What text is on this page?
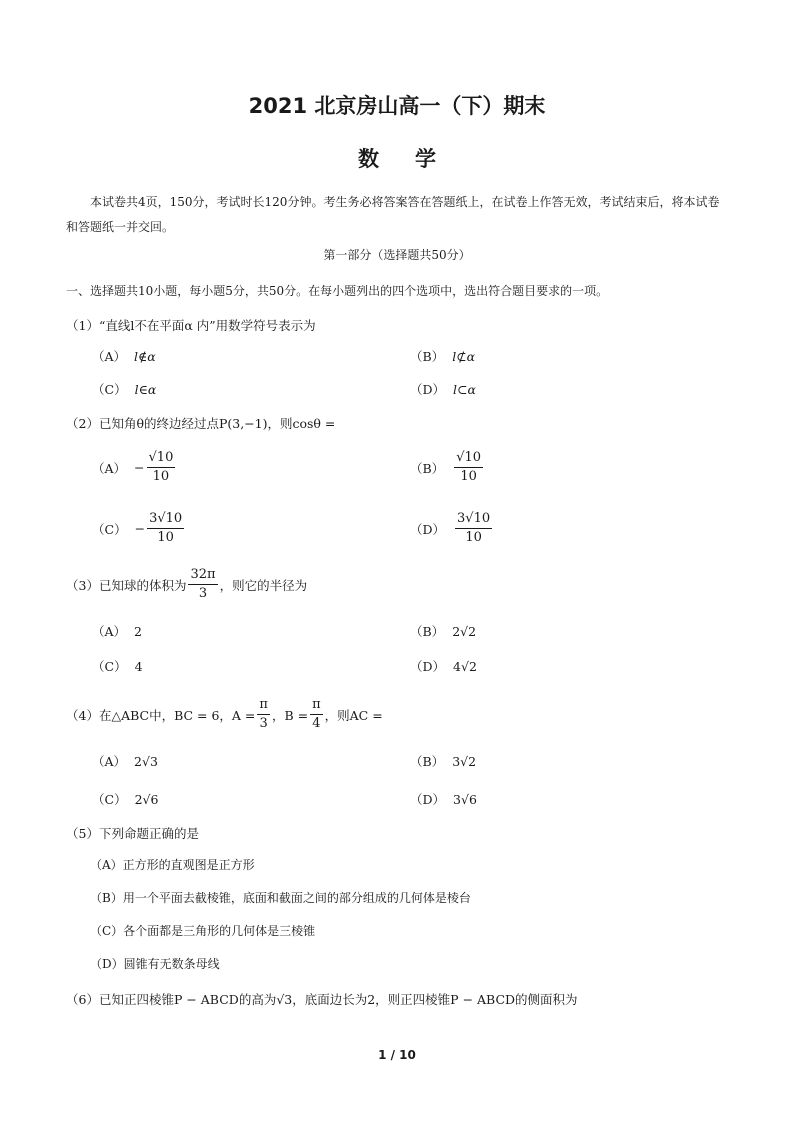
2021 北京房山高一（下）期末
数学
本试卷共4页，150分，考试时长120分钟。考生务必将答案答在答题纸上，在试卷上作答无效，考试结束后，将本试卷和答题纸一并交回。
第一部分（选择题共50分）
一、选择题共10小题，每小题5分，共50分。在每小题列出的四个选项中，选出符合题目要求的一项。
（1）“直线l不在平面α 内”用数学符号表示为
（A） l∉α	（B） l⊄α
（C） l∈α	（D） l⊂α
（2）已知角θ的终边经过点P(3,−1)，则cosθ =
$(A) - \frac{√10}{10}$	$(B) \frac{√10}{10}$
$(C) - \frac{3√10}{10}$	$(D) \frac{3√10}{10}$
（3）已知球的体积为 $\frac{32\pi}{3}$ ，则它的半径为
（A） 2	（B） 2√2
（C） 4	（D） 4√2
（4）在△ABC中，BC = 6，$A = \frac{\pi}{3}$ ，$B = \frac{\pi}{4}$ ，则AC =
（A） 2√3	（B） 3√2
（C） 2√6	（D） 3√6
（5）下列命题正确的是
（A）正方形的直观图是正方形
（B）用一个平面去截棱锥，底面和截面之间的部分组成的几何体是棱台
（C）各个面都是三角形的几何体是三棱锥
（D）圆锥有无数条母线
（6）已知正四棱锥P − ABCD的高为√3，底面边长为2，则正四棱锥P − ABCD的侧面积为
1 / 10
